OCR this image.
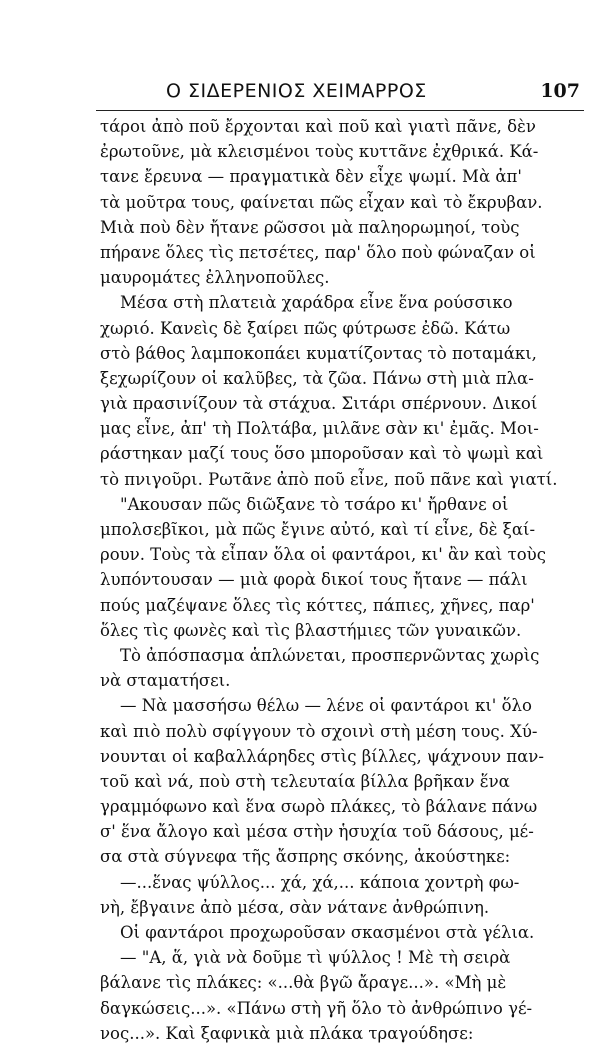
Ο ΣΙΔΕΡΕΝΙΟΣ ΧΕΙΜΑΡΡΟΣ	107
τάροι ἀπὸ ποῦ ἔρχονται καὶ ποῦ καὶ γιατὶ πᾶνε, δὲν
ἐρωτοῦνε, μὰ κλεισμένοι τοὺς κυττᾶνε ἐχθρικά. Κά-
τανε ἔρευνα — πραγματικὰ δὲν εἶχε ψωμί. Μὰ ἀπ'
τὰ μοῦτρα τους, φαίνεται πῶς εἶχαν καὶ τὸ ἔκρυβαν.
Μιὰ ποὺ δὲν ἤτανε ρῶσσοι μὰ παληορωμηοί, τοὺς
πήρανε ὅλες τὶς πετσέτες, παρ' ὅλο ποὺ φώναζαν οἱ
μαυρομάτες ἐλληνοποῦλες.
Μέσα στὴ πλατειὰ χαράδρα εἶνε ἕνα ρούσσικο
χωριό. Κανεὶς δὲ ξαίρει πῶς φύτρωσε ἐδῶ. Κάτω
στὸ βάθος λαμποκοπάει κυματίζοντας τὸ ποταμάκι,
ξεχωρίζουν οἱ καλῦβες, τὰ ζῶα. Πάνω στὴ μιὰ πλα-
γιὰ πρασινίζουν τὰ στάχυα. Σιτάρι σπέρνουν. Δικοί
μας εἶνε, ἀπ' τὴ Πολτάβα, μιλᾶνε σὰν κι' ἐμᾶς. Μοι-
ράστηκαν μαζί τους ὅσο μποροῦσαν καὶ τὸ ψωμὶ καὶ
τὸ πνιγοῦρι. Ρωτᾶνε ἀπὸ ποῦ εἶνε, ποῦ πᾶνε καὶ γιατί.
"Ακουσαν πῶς διῶξανε τὸ τσάρο κι' ἤρθανε οἱ
μπολσεβῖκοι, μὰ πῶς ἔγινε αὐτό, καὶ τί εἶνε, δὲ ξαί-
ρουν. Τοὺς τὰ εἶπαν ὅλα οἱ φαντάροι, κι' ἂν καὶ τοὺς
λυπόντουσαν — μιὰ φορὰ δικοί τους ἤτανε — πάλι
πούς μαζέψανε ὅλες τὶς κόττες, πάπιες, χῆνες, παρ'
ὅλες τὶς φωνὲς καὶ τὶς βλαστήμιες τῶν γυναικῶν.
Τὸ ἀπόσπασμα ἁπλώνεται, προσπερνῶντας χωρὶς
νὰ σταματήσει.
— Νὰ μασσήσω θέλω — λένε οἱ φαντάροι κι' ὅλο
καὶ πιὸ πολὺ σφίγγουν τὸ σχοινὶ στὴ μέση τους. Χύ-
νουνται οἱ καβαλλάρηδες στὶς βίλλες, ψάχνουν παν-
τοῦ καὶ νά, ποὺ στὴ τελευταία βίλλα βρῆκαν ἕνα
γραμμόφωνο καὶ ἕνα σωρὸ πλάκες, τὸ βάλανε πάνω
σ' ἕνα ἄλογο καὶ μέσα στὴν ἡσυχία τοῦ δάσους, μέ-
σα στὰ σύγνεφα τῆς ἄσπρης σκόνης, ἀκούστηκε:
—...ἕνας ψύλλος... χά, χά,... κάποια χοντρὴ φω-
νὴ, ἔβγαινε ἀπὸ μέσα, σὰν νάτανε ἀνθρώπινη.
Οἱ φαντάροι προχωροῦσαν σκασμένοι στὰ γέλια.
— "Α, ἅ, γιὰ νὰ δοῦμε τὶ ψύλλος ! Μὲ τὴ σειρὰ
βάλανε τὶς πλάκες: «...θὰ βγῶ ἄραγε...». «Μὴ μὲ
δαγκώσεις...». «Πάνω στὴ γῆ ὅλο τὸ ἀνθρώπινο γέ-
νος...». Καὶ ξαφνικὰ μιὰ πλάκα τραγούδησε:
